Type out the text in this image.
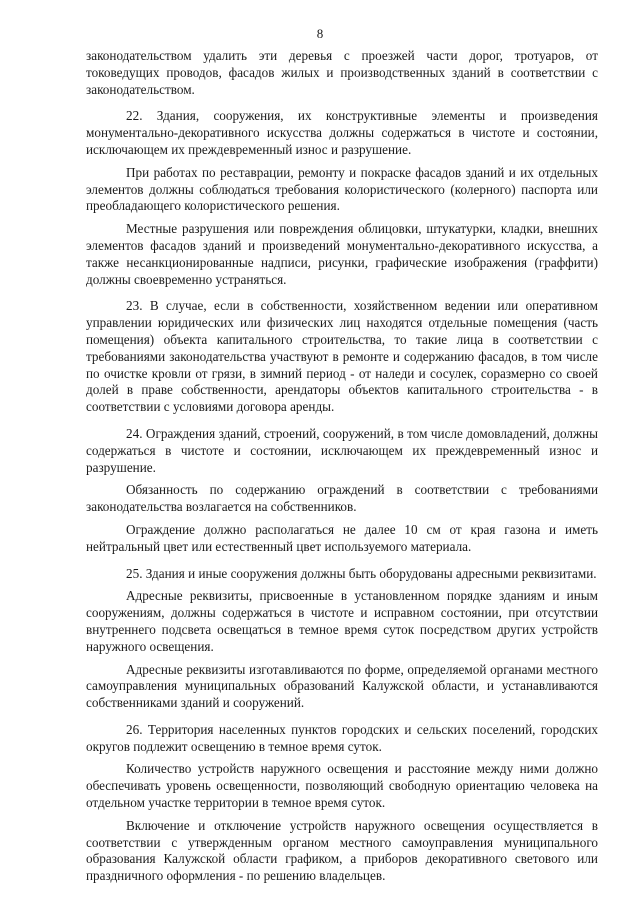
8

законодательством удалить эти деревья с проезжей части дорог, тротуаров, от токоведущих проводов, фасадов жилых и производственных зданий в соответствии с законодательством.

22. Здания, сооружения, их конструктивные элементы и произведения монументально-декоративного искусства должны содержаться в чистоте и состоянии, исключающем их преждевременный износ и разрушение.

При работах по реставрации, ремонту и покраске фасадов зданий и их отдельных элементов должны соблюдаться требования колористического (колерного) паспорта или преобладающего колористического решения.

Местные разрушения или повреждения облицовки, штукатурки, кладки, внешних элементов фасадов зданий и произведений монументально-декоративного искусства, а также несанкционированные надписи, рисунки, графические изображения (граффити) должны своевременно устраняться.

23. В случае, если в собственности, хозяйственном ведении или оперативном управлении юридических или физических лиц находятся отдельные помещения (часть помещения) объекта капитального строительства, то такие лица в соответствии с требованиями законодательства участвуют в ремонте и содержанию фасадов, в том числе по очистке кровли от грязи, в зимний период - от наледи и сосулек, соразмерно со своей долей в праве собственности, арендаторы объектов капитального строительства - в соответствии с условиями договора аренды.

24. Ограждения зданий, строений, сооружений, в том числе домовладений, должны содержаться в чистоте и состоянии, исключающем их преждевременный износ и разрушение.

Обязанность по содержанию ограждений в соответствии с требованиями законодательства возлагается на собственников.

Ограждение должно располагаться не далее 10 см от края газона и иметь нейтральный цвет или естественный цвет используемого материала.

25. Здания и иные сооружения должны быть оборудованы адресными реквизитами.

Адресные реквизиты, присвоенные в установленном порядке зданиям и иным сооружениям, должны содержаться в чистоте и исправном состоянии, при отсутствии внутреннего подсвета освещаться в темное время суток посредством других устройств наружного освещения.

Адресные реквизиты изготавливаются по форме, определяемой органами местного самоуправления муниципальных образований Калужской области, и устанавливаются собственниками зданий и сооружений.

26. Территория населенных пунктов городских и сельских поселений, городских округов подлежит освещению в темное время суток.

Количество устройств наружного освещения и расстояние между ними должно обеспечивать уровень освещенности, позволяющий свободную ориентацию человека на отдельном участке территории в темное время суток.

Включение и отключение устройств наружного освещения осуществляется в соответствии с утвержденным органом местного самоуправления муниципального образования Калужской области графиком, а приборов декоративного светового или праздничного оформления - по решению владельцев.
